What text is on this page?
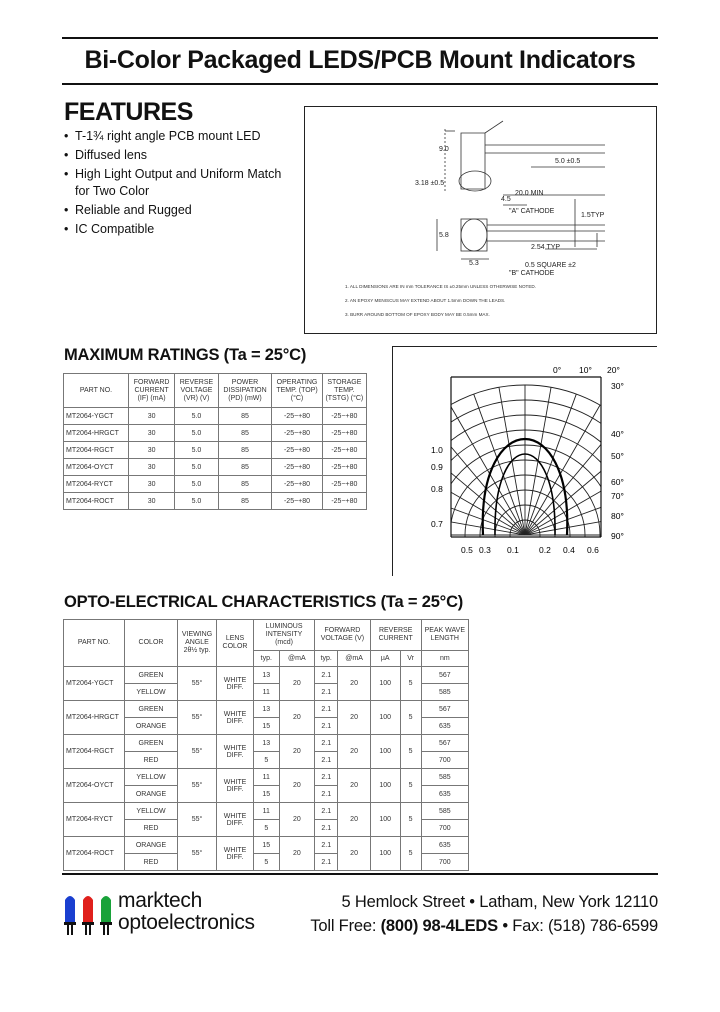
Bi-Color Packaged LEDS/PCB Mount Indicators
FEATURES
• T-1¾ right angle PCB mount LED
• Diffused lens
• High Light Output and Uniform Match for Two Color
• Reliable and Rugged
• IC Compatible
9.0
5.0 ±0.5
3.18 ±0.5
4.5
20.0 MIN
"A" CATHODE
1.5TYP
5.8
2.54 TYP
0.5 SQUARE ±2
"B" CATHODE
5.3
1. ALL DIMENSIONS ARE IN mm TOLERANCE IS ±0.25mm UNLESS OTHERWISE NOTED.
2. AN EPOXY MENISCUS MAY EXTEND ABOUT 1.5mm DOWN THE LEADS.
3. BURR AROUND BOTTOM OF EPOXY BODY MAY BE 0.5mm MAX.
MAXIMUM RATINGS (Ta = 25°C)
PART NO.	FORWARD CURRENT (IF) (mA)	REVERSE VOLTAGE (VR) (V)	POWER DISSIPATION (PD) (mW)	OPERATING TEMP. (TOP) (°C)	STORAGE TEMP. (TSTG) (°C)
MT2064-YGCT	30	5.0	85	-25~+80	-25~+80
MT2064-HRGCT	30	5.0	85	-25~+80	-25~+80
MT2064-RGCT	30	5.0	85	-25~+80	-25~+80
MT2064-OYCT	30	5.0	85	-25~+80	-25~+80
MT2064-RYCT	30	5.0	85	-25~+80	-25~+80
MT2064-ROCT	30	5.0	85	-25~+80	-25~+80
0° 10° 20°
30°
40°
50°
60°
70°
80°
90°
1.0
0.9
0.8
0.7
0.5 0.3 0.1 0.2 0.4 0.6
OPTO-ELECTRICAL CHARACTERISTICS (Ta = 25°C)
PART NO.	COLOR	VIEWING ANGLE 2θ½ typ.	LENS COLOR	LUMINOUS INTENSITY (mcd)		FORWARD VOLTAGE (V)		REVERSE CURRENT		PEAK WAVE LENGTH
				typ.	@mA	typ.	@mA	µA	Vr	nm
MT2064-YGCT	GREEN	55°	WHITE DIFF.	13	20	2.1	20	100	5	567
	YELLOW			11		2.1				585
MT2064-HRGCT	GREEN	55°	WHITE DIFF.	13	20	2.1	20	100	5	567
	ORANGE			15		2.1				635
MT2064-RGCT	GREEN	55°	WHITE DIFF.	13	20	2.1	20	100	5	567
	RED			5		2.1				700
MT2064-OYCT	YELLOW	55°	WHITE DIFF.	11	20	2.1	20	100	5	585
	ORANGE			15		2.1				635
MT2064-RYCT	YELLOW	55°	WHITE DIFF.	11	20	2.1	20	100	5	585
	RED			5		2.1				700
MT2064-ROCT	ORANGE	55°	WHITE DIFF.	15	20	2.1	20	100	5	635
	RED			5		2.1				700
marktech
optoelectronics
5 Hemlock Street • Latham, New York 12110
Toll Free: (800) 98-4LEDS • Fax: (518) 786-6599
